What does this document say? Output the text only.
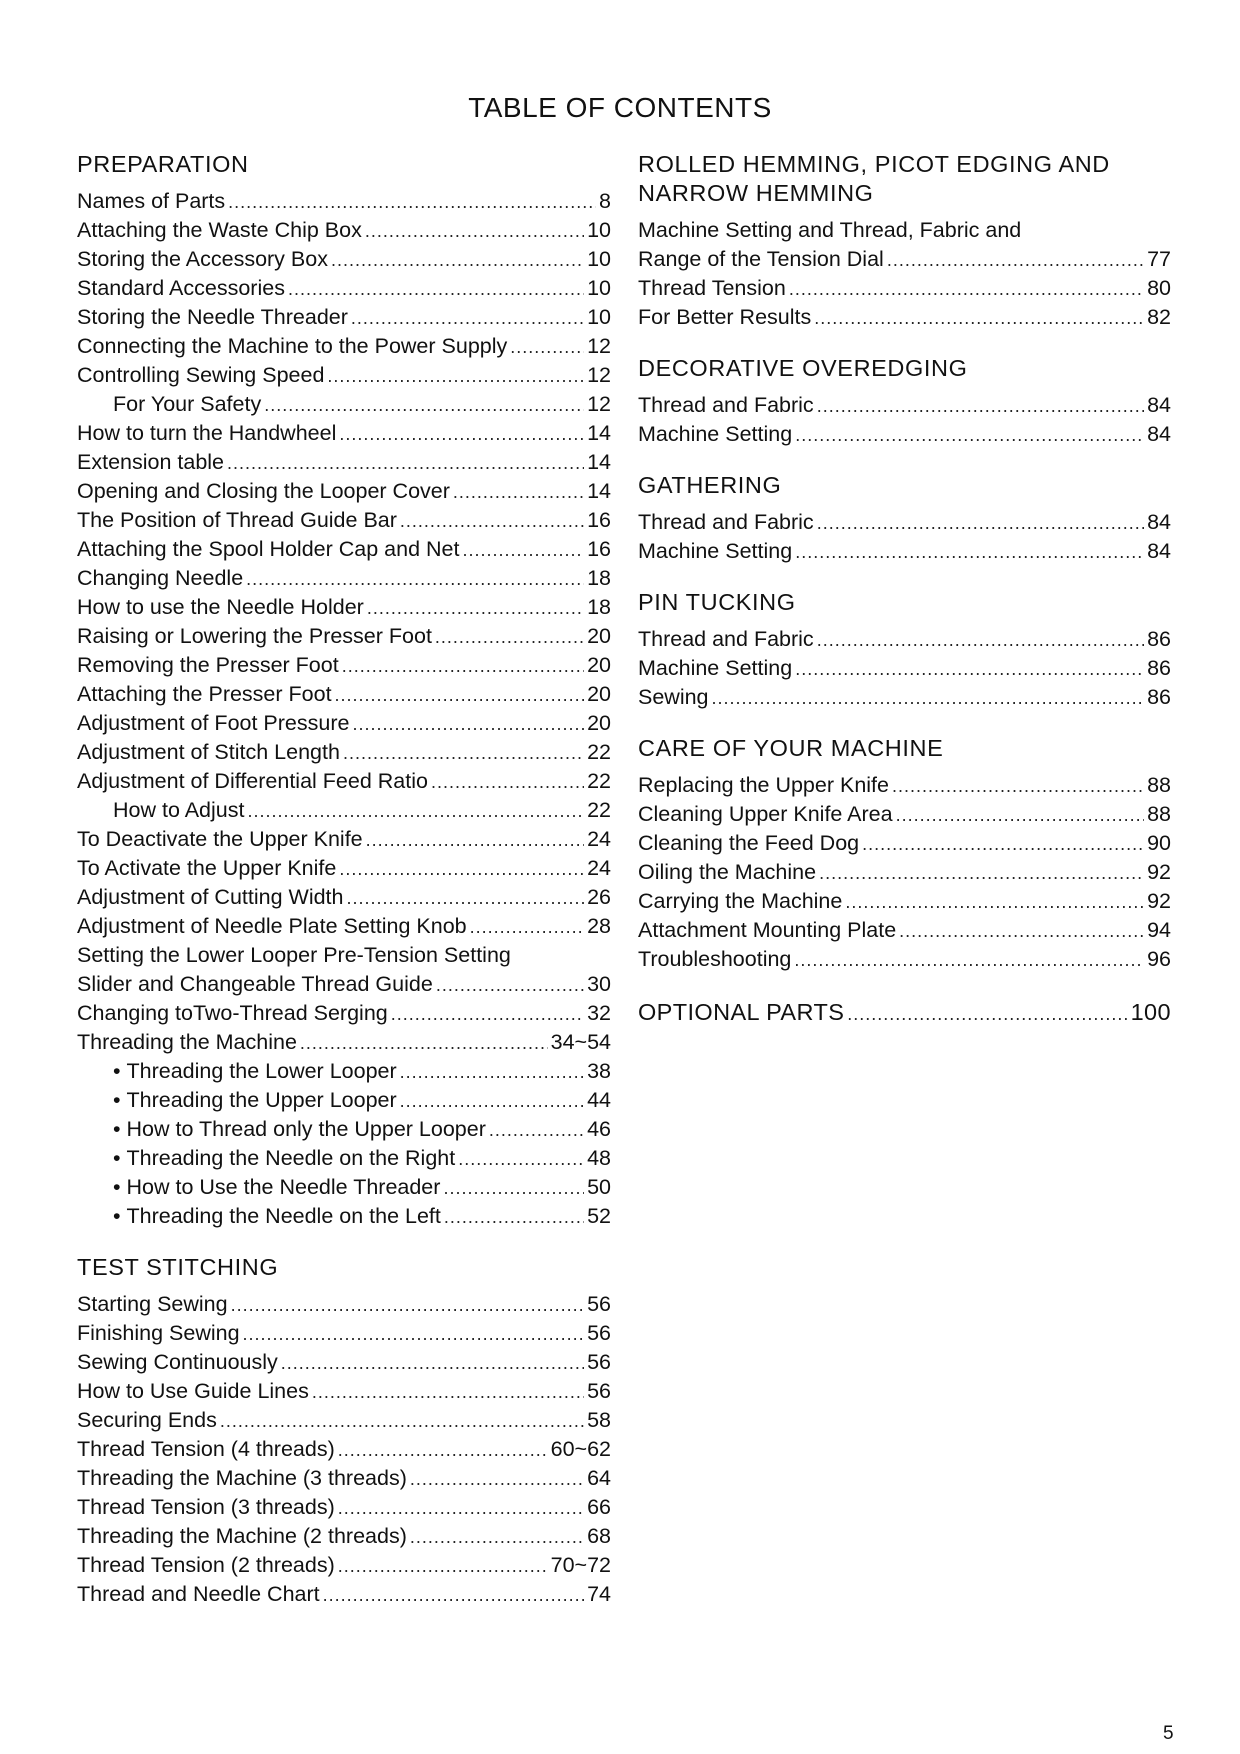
TABLE OF CONTENTS
PREPARATION
Names of Parts .....	8
Attaching the Waste Chip Box .....	10
Storing the Accessory Box .....	10
Standard Accessories .....	10
Storing the Needle Threader .....	10
Connecting the Machine to the Power Supply .....	12
Controlling Sewing Speed .....	12
For Your Safety .....	12
How to turn the Handwheel .....	14
Extension table .....	14
Opening and Closing the Looper Cover .....	14
The Position of Thread Guide Bar .....	16
Attaching the Spool Holder Cap and Net .....	16
Changing Needle .....	18
How to use the Needle Holder .....	18
Raising or Lowering the Presser Foot .....	20
Removing the Presser Foot .....	20
Attaching the Presser Foot .....	20
Adjustment of Foot Pressure .....	20
Adjustment of Stitch Length .....	22
Adjustment of Differential Feed Ratio .....	22
How to Adjust .....	22
To Deactivate the Upper Knife .....	24
To Activate the Upper Knife .....	24
Adjustment of Cutting Width .....	26
Adjustment of Needle Plate Setting Knob .....	28
Setting the Lower Looper Pre-Tension Setting
Slider and Changeable Thread Guide .....	30
Changing toTwo-Thread Serging .....	32
Threading the Machine .....	34~54
• Threading the Lower Looper .....	38
• Threading the Upper Looper .....	44
• How to Thread only the Upper Looper .....	46
• Threading the Needle on the Right .....	48
• How to Use the Needle Threader .....	50
• Threading the Needle on the Left .....	52
TEST STITCHING
Starting Sewing .....	56
Finishing Sewing .....	56
Sewing Continuously .....	56
How to Use Guide Lines .....	56
Securing Ends .....	58
Thread Tension (4 threads) .....	60~62
Threading the Machine (3 threads) .....	64
Thread Tension (3 threads) .....	66
Threading the Machine (2 threads) .....	68
Thread Tension (2 threads) .....	70~72
Thread and Needle Chart .....	74
ROLLED HEMMING, PICOT EDGING AND
NARROW HEMMING
Machine Setting and Thread, Fabric and
Range of the Tension Dial .....	77
Thread Tension .....	80
For Better Results .....	82
DECORATIVE OVEREDGING
Thread and Fabric .....	84
Machine Setting .....	84
GATHERING
Thread and Fabric .....	84
Machine Setting .....	84
PIN TUCKING
Thread and Fabric .....	86
Machine Setting .....	86
Sewing .....	86
CARE OF YOUR MACHINE
Replacing the Upper Knife .....	88
Cleaning Upper Knife Area .....	88
Cleaning the Feed Dog .....	90
Oiling the Machine .....	92
Carrying the Machine .....	92
Attachment Mounting Plate .....	94
Troubleshooting .....	96
OPTIONAL PARTS .....	100
5
